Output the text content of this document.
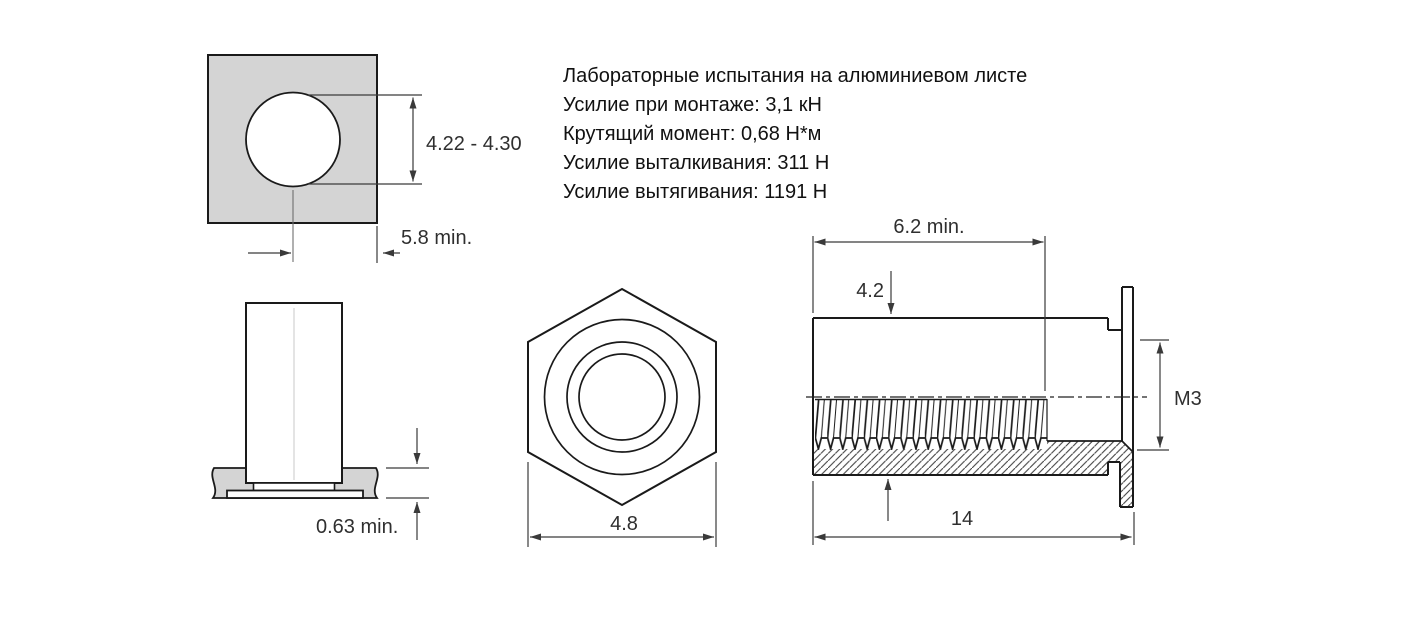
Лабораторные испытания на алюминиевом листе
Усилие при монтаже: 3,1 кН
Крутящий момент: 0,68 Н*м
Усилие выталкивания: 311 Н
Усилие вытягивания: 1191 Н
4.22 - 4.30
5.8 min.
0.63 min.	4.8
6.2 min.
4.2
M3
14
